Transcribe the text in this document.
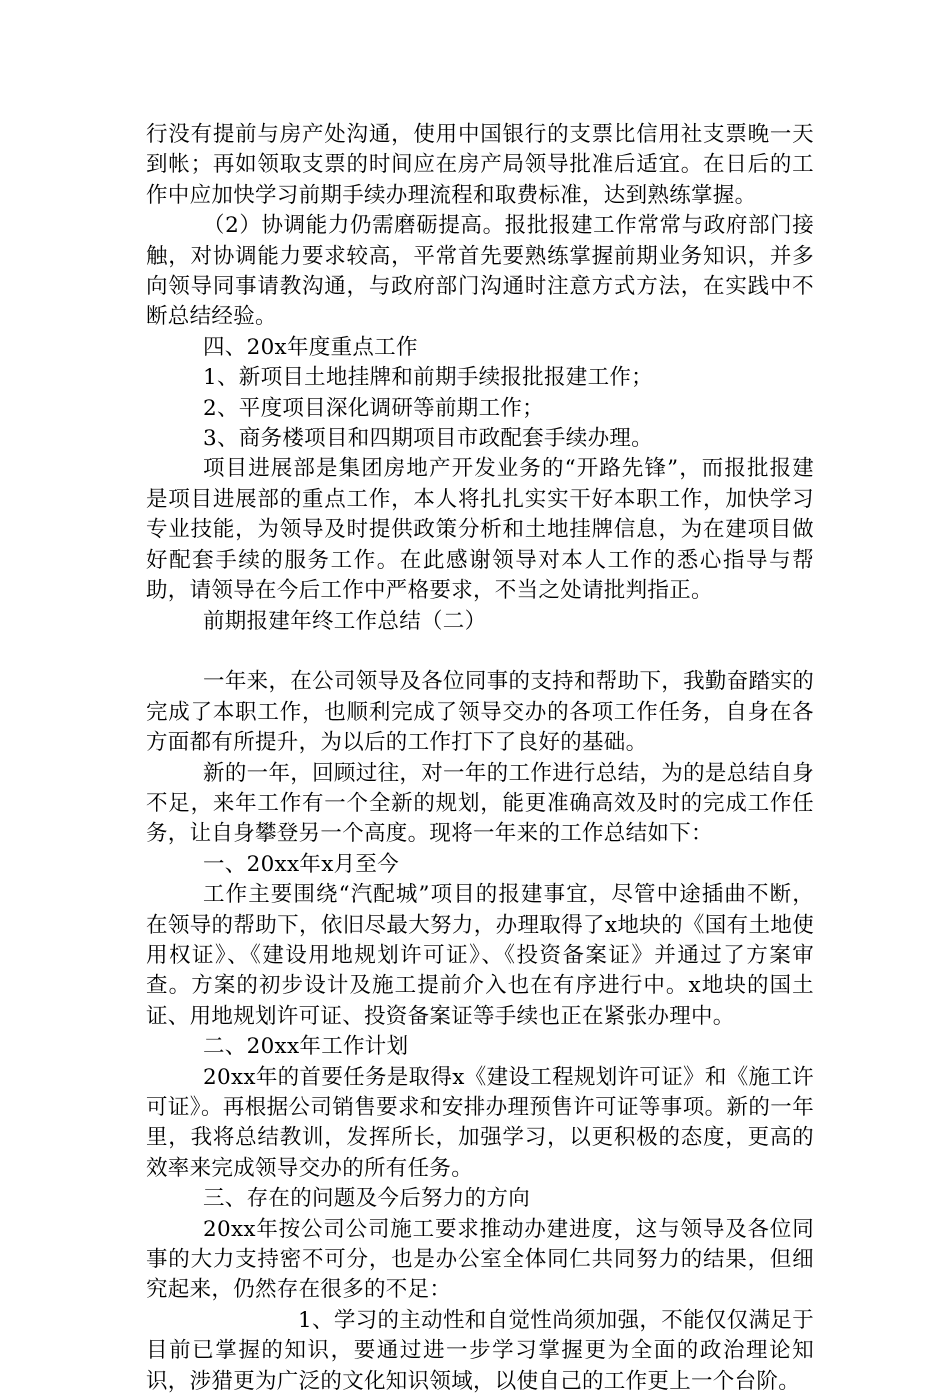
行没有提前与房产处沟通，使用中国银行的支票比信用社支票晚一天到帐；再如领取支票的时间应在房产局领导批准后适宜。在日后的工作中应加快学习前期手续办理流程和取费标准，达到熟练掌握。

（2）协调能力仍需磨砺提高。报批报建工作常常与政府部门接触，对协调能力要求较高，平常首先要熟练掌握前期业务知识，并多向领导同事请教沟通，与政府部门沟通时注意方式方法，在实践中不断总结经验。

四、20x年度重点工作

1、新项目土地挂牌和前期手续报批报建工作；

2、平度项目深化调研等前期工作；

3、商务楼项目和四期项目市政配套手续办理。

项目进展部是集团房地产开发业务的“开路先锋”，而报批报建是项目进展部的重点工作，本人将扎扎实实干好本职工作，加快学习专业技能，为领导及时提供政策分析和土地挂牌信息，为在建项目做好配套手续的服务工作。在此感谢领导对本人工作的悉心指导与帮助，请领导在今后工作中严格要求，不当之处请批判指正。

前期报建年终工作总结（二）

一年来，在公司领导及各位同事的支持和帮助下，我勤奋踏实的完成了本职工作，也顺利完成了领导交办的各项工作任务，自身在各方面都有所提升，为以后的工作打下了良好的基础。

新的一年，回顾过往，对一年的工作进行总结，为的是总结自身不足，来年工作有一个全新的规划，能更准确高效及时的完成工作任务，让自身攀登另一个高度。现将一年来的工作总结如下：

一、20xx年x月至今

工作主要围绕“汽配城”项目的报建事宜，尽管中途插曲不断，在领导的帮助下，依旧尽最大努力，办理取得了x地块的《国有土地使用权证》、《建设用地规划许可证》、《投资备案证》并通过了方案审查。方案的初步设计及施工提前介入也在有序进行中。x地块的国土证、用地规划许可证、投资备案证等手续也正在紧张办理中。

二、20xx年工作计划

20xx年的首要任务是取得x《建设工程规划许可证》和《施工许可证》。再根据公司销售要求和安排办理预售许可证等事项。新的一年里，我将总结教训，发挥所长，加强学习，以更积极的态度，更高的效率来完成领导交办的所有任务。

三、存在的问题及今后努力的方向

20xx年按公司公司施工要求推动办建进度，这与领导及各位同事的大力支持密不可分，也是办公室全体同仁共同努力的结果，但细究起来，仍然存在很多的不足：

1、学习的主动性和自觉性尚须加强，不能仅仅满足于目前已掌握的知识，要通过进一步学习掌握更为全面的政治理论知识，涉猎更为广泛的文化知识领域，以使自己的工作更上一个台阶。
